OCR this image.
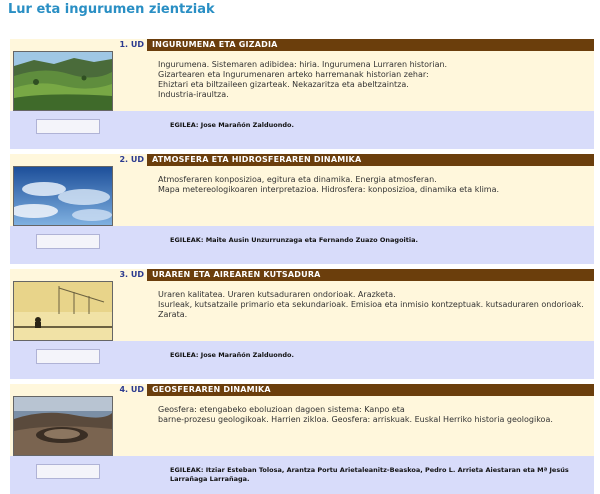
Lur eta ingurumen zientziak
1. UD	INGURUMENA ETA GIZADIA
Ingurumena. Sistemaren adibidea: hiria. Ingurumena Lurraren historian.
Gizartearen eta Ingurumenaren arteko harremanak historian zehar:
Ehiztari eta biltzaileen gizarteak. Nekazaritza eta abeltzaintza.
Industria-iraultza.
EGILEA: Jose Marañón Zalduondo.
2. UD	ATMOSFERA ETA HIDROSFERAREN DINAMIKA
Atmosferaren konposizioa, egitura eta dinamika. Energia atmosferan.
Mapa metereologikoaren interpretazioa. Hidrosfera: konposizioa, dinamika eta klima.
EGILEAK: Maite Ausin Unzurrunzaga eta Fernando Zuazo Onagoitia.
3. UD	URAREN ETA AIREAREN KUTSADURA
Uraren kalitatea. Uraren kutsaduraren ondorioak. Arazketa.
Isurleak, kutsatzaile primario eta sekundarioak. Emisioa eta inmisio kontzeptuak. kutsaduraren ondorioak.
Zarata.
EGILEA: Jose Marañón Zalduondo.
4. UD	GEOSFERAREN DINAMIKA
Geosfera: etengabeko eboluzioan dagoen sistema: Kanpo eta
barne-prozesu geologikoak. Harrien zikloa. Geosfera: arriskuak. Euskal Herriko historia geologikoa.
EGILEAK: Itziar Esteban Tolosa, Arantza Portu Arietaleanitz-Beaskoa, Pedro L. Arrieta Aiestaran eta Mª Jesús Larrañaga Larrañaga.
